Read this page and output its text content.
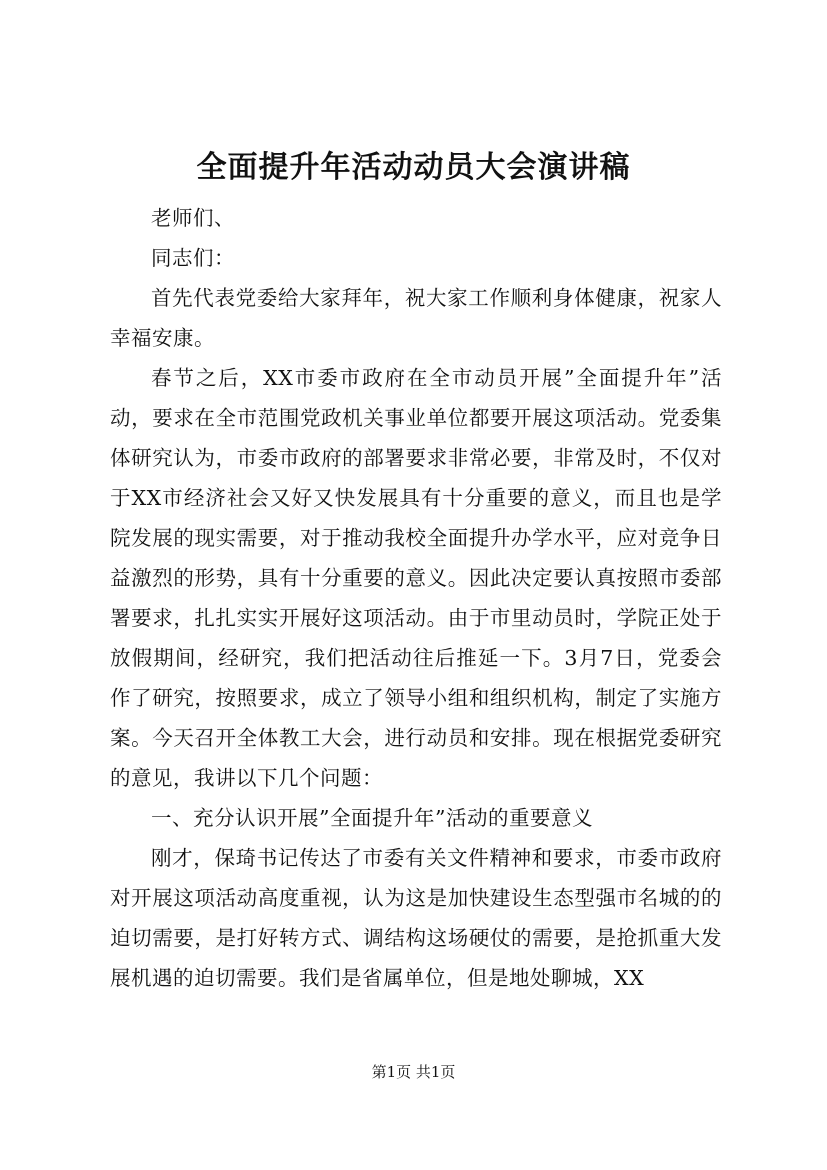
全面提升年活动动员大会演讲稿

老师们、

同志们：

首先代表党委给大家拜年，祝大家工作顺利身体健康，祝家人幸福安康。

春节之后，XX市委市政府在全市动员开展”全面提升年”活动，要求在全市范围党政机关事业单位都要开展这项活动。党委集体研究认为，市委市政府的部署要求非常必要，非常及时，不仅对于XX市经济社会又好又快发展具有十分重要的意义，而且也是学院发展的现实需要，对于推动我校全面提升办学水平，应对竞争日益激烈的形势，具有十分重要的意义。因此决定要认真按照市委部署要求，扎扎实实开展好这项活动。由于市里动员时，学院正处于放假期间，经研究，我们把活动往后推延一下。3月7日，党委会作了研究，按照要求，成立了领导小组和组织机构，制定了实施方案。今天召开全体教工大会，进行动员和安排。现在根据党委研究的意见，我讲以下几个问题：

一、充分认识开展”全面提升年”活动的重要意义

刚才，保琦书记传达了市委有关文件精神和要求，市委市政府对开展这项活动高度重视，认为这是加快建设生态型强市名城的的迫切需要，是打好转方式、调结构这场硬仗的需要，是抢抓重大发展机遇的迫切需要。我们是省属单位，但是地处聊城，XX

第1页 共1页
